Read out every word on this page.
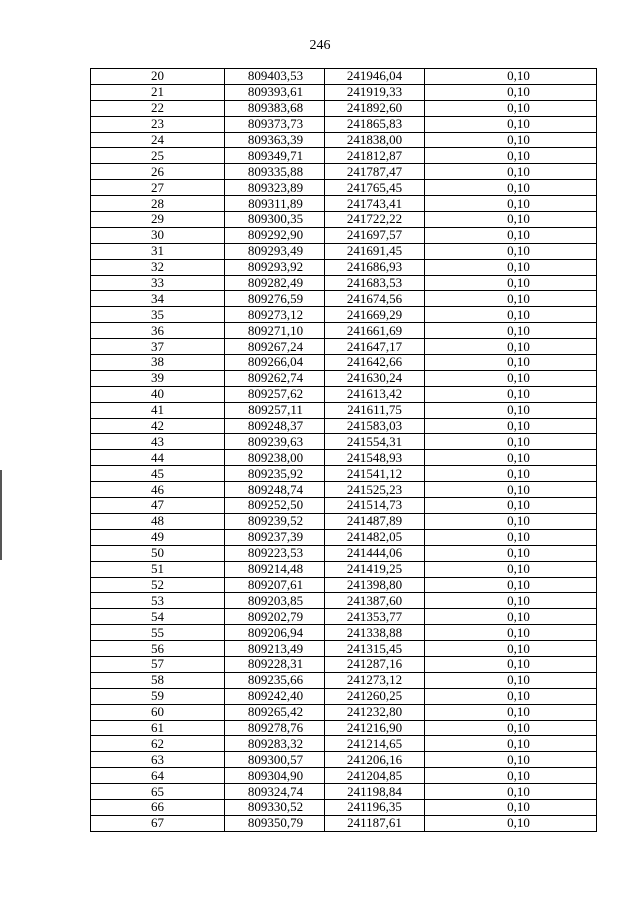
246
20	809403,53	241946,04	0,10
21	809393,61	241919,33	0,10
22	809383,68	241892,60	0,10
23	809373,73	241865,83	0,10
24	809363,39	241838,00	0,10
25	809349,71	241812,87	0,10
26	809335,88	241787,47	0,10
27	809323,89	241765,45	0,10
28	809311,89	241743,41	0,10
29	809300,35	241722,22	0,10
30	809292,90	241697,57	0,10
31	809293,49	241691,45	0,10
32	809293,92	241686,93	0,10
33	809282,49	241683,53	0,10
34	809276,59	241674,56	0,10
35	809273,12	241669,29	0,10
36	809271,10	241661,69	0,10
37	809267,24	241647,17	0,10
38	809266,04	241642,66	0,10
39	809262,74	241630,24	0,10
40	809257,62	241613,42	0,10
41	809257,11	241611,75	0,10
42	809248,37	241583,03	0,10
43	809239,63	241554,31	0,10
44	809238,00	241548,93	0,10
45	809235,92	241541,12	0,10
46	809248,74	241525,23	0,10
47	809252,50	241514,73	0,10
48	809239,52	241487,89	0,10
49	809237,39	241482,05	0,10
50	809223,53	241444,06	0,10
51	809214,48	241419,25	0,10
52	809207,61	241398,80	0,10
53	809203,85	241387,60	0,10
54	809202,79	241353,77	0,10
55	809206,94	241338,88	0,10
56	809213,49	241315,45	0,10
57	809228,31	241287,16	0,10
58	809235,66	241273,12	0,10
59	809242,40	241260,25	0,10
60	809265,42	241232,80	0,10
61	809278,76	241216,90	0,10
62	809283,32	241214,65	0,10
63	809300,57	241206,16	0,10
64	809304,90	241204,85	0,10
65	809324,74	241198,84	0,10
66	809330,52	241196,35	0,10
67	809350,79	241187,61	0,10
